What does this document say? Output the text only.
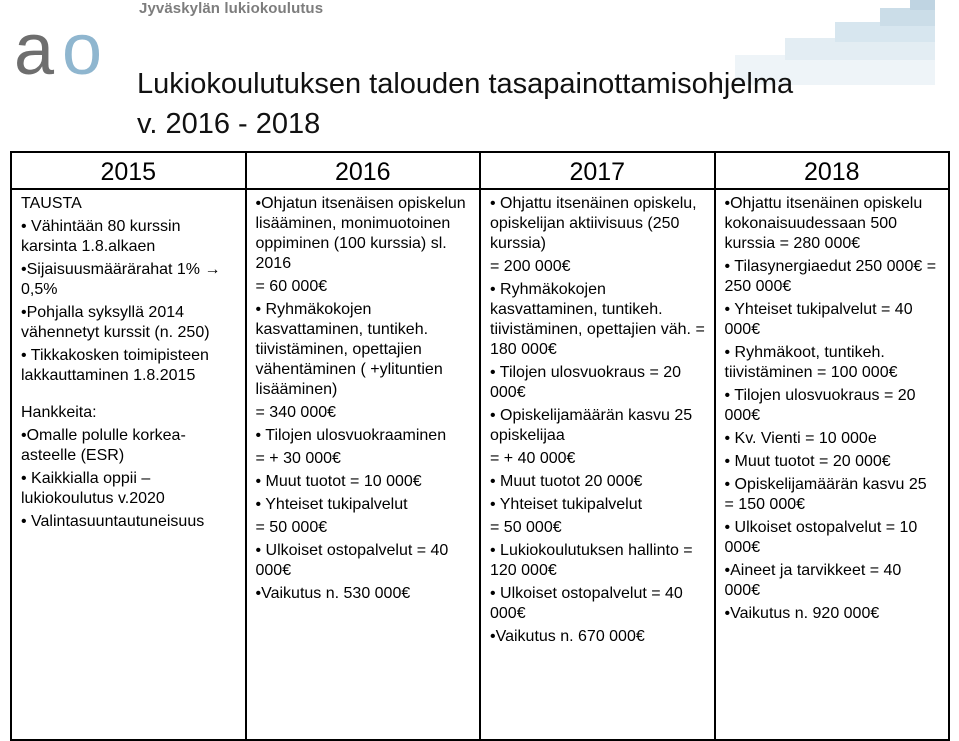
a o
Jyväskylän lukiokoulutus
Lukiokoulutuksen talouden tasapainottamisohjelma
v. 2016 - 2018
2015
TAUSTA
• Vähintään 80 kurssin karsinta 1.8.alkaen
•Sijaisuusmäärärahat 1% → 0,5%
•Pohjalla syksyllä 2014 vähennetyt kurssit (n. 250)
• Tikkakosken toimipisteen lakkauttaminen 1.8.2015
Hankkeita:
•Omalle polulle korkea-asteelle (ESR)
• Kaikkialla oppii – lukiokoulutus v.2020
• Valintasuuntautuneisuus
2016
•Ohjatun itsenäisen opiskelun lisääminen, monimuotoinen oppiminen (100 kurssia) sl. 2016
= 60 000€
• Ryhmäkokojen kasvattaminen, tuntikeh. tiivistäminen, opettajien vähentäminen ( +ylituntien lisääminen)
= 340 000€
• Tilojen ulosvuokraaminen
= + 30 000€
• Muut tuotot = 10 000€
• Yhteiset tukipalvelut
= 50 000€
• Ulkoiset ostopalvelut = 40 000€
•Vaikutus n. 530 000€
2017
• Ohjattu itsenäinen opiskelu, opiskelijan aktiivisuus (250 kurssia)
= 200 000€
• Ryhmäkokojen kasvattaminen, tuntikeh. tiivistäminen, opettajien väh. = 180 000€
• Tilojen ulosvuokraus = 20 000€
• Opiskelijamäärän kasvu 25 opiskelijaa
= + 40 000€
• Muut tuotot 20 000€
• Yhteiset tukipalvelut
= 50 000€
• Lukiokoulutuksen hallinto = 120 000€
• Ulkoiset ostopalvelut = 40 000€
•Vaikutus n. 670 000€
2018
•Ohjattu itsenäinen opiskelu kokonaisuudessaan 500 kurssia = 280 000€
• Tilasynergiaedut 250 000€ = 250 000€
• Yhteiset tukipalvelut = 40 000€
• Ryhmäkoot, tuntikeh. tiivistäminen = 100 000€
• Tilojen ulosvuokraus = 20 000€
• Kv. Vienti = 10 000e
• Muut tuotot = 20 000€
• Opiskelijamäärän kasvu 25 = 150 000€
• Ulkoiset ostopalvelut = 10 000€
•Aineet ja tarvikkeet = 40 000€
•Vaikutus n. 920 000€
